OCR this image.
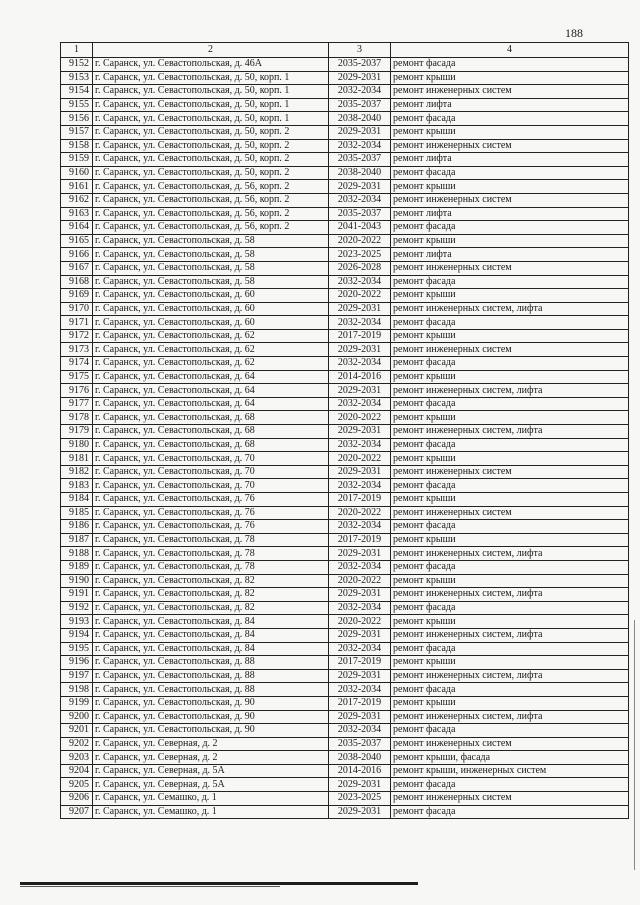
188
1	2	3	4
9152	г. Саранск, ул. Севастопольская, д. 46А	2035-2037	ремонт фасада
9153	г. Саранск, ул. Севастопольская, д. 50, корп. 1	2029-2031	ремонт крыши
9154	г. Саранск, ул. Севастопольская, д. 50, корп. 1	2032-2034	ремонт инженерных систем
9155	г. Саранск, ул. Севастопольская, д. 50, корп. 1	2035-2037	ремонт лифта
9156	г. Саранск, ул. Севастопольская, д. 50, корп. 1	2038-2040	ремонт фасада
9157	г. Саранск, ул. Севастопольская, д. 50, корп. 2	2029-2031	ремонт крыши
9158	г. Саранск, ул. Севастопольская, д. 50, корп. 2	2032-2034	ремонт инженерных систем
9159	г. Саранск, ул. Севастопольская, д. 50, корп. 2	2035-2037	ремонт лифта
9160	г. Саранск, ул. Севастопольская, д. 50, корп. 2	2038-2040	ремонт фасада
9161	г. Саранск, ул. Севастопольская, д. 56, корп. 2	2029-2031	ремонт крыши
9162	г. Саранск, ул. Севастопольская, д. 56, корп. 2	2032-2034	ремонт инженерных систем
9163	г. Саранск, ул. Севастопольская, д. 56, корп. 2	2035-2037	ремонт лифта
9164	г. Саранск, ул. Севастопольская, д. 56, корп. 2	2041-2043	ремонт фасада
9165	г. Саранск, ул. Севастопольская, д. 58	2020-2022	ремонт крыши
9166	г. Саранск, ул. Севастопольская, д. 58	2023-2025	ремонт лифта
9167	г. Саранск, ул. Севастопольская, д. 58	2026-2028	ремонт инженерных систем
9168	г. Саранск, ул. Севастопольская, д. 58	2032-2034	ремонт фасада
9169	г. Саранск, ул. Севастопольская, д. 60	2020-2022	ремонт крыши
9170	г. Саранск, ул. Севастопольская, д. 60	2029-2031	ремонт инженерных систем, лифта
9171	г. Саранск, ул. Севастопольская, д. 60	2032-2034	ремонт фасада
9172	г. Саранск, ул. Севастопольская, д. 62	2017-2019	ремонт крыши
9173	г. Саранск, ул. Севастопольская, д. 62	2029-2031	ремонт инженерных систем
9174	г. Саранск, ул. Севастопольская, д. 62	2032-2034	ремонт фасада
9175	г. Саранск, ул. Севастопольская, д. 64	2014-2016	ремонт крыши
9176	г. Саранск, ул. Севастопольская, д. 64	2029-2031	ремонт инженерных систем, лифта
9177	г. Саранск, ул. Севастопольская, д. 64	2032-2034	ремонт фасада
9178	г. Саранск, ул. Севастопольская, д. 68	2020-2022	ремонт крыши
9179	г. Саранск, ул. Севастопольская, д. 68	2029-2031	ремонт инженерных систем, лифта
9180	г. Саранск, ул. Севастопольская, д. 68	2032-2034	ремонт фасада
9181	г. Саранск, ул. Севастопольская, д. 70	2020-2022	ремонт крыши
9182	г. Саранск, ул. Севастопольская, д. 70	2029-2031	ремонт инженерных систем
9183	г. Саранск, ул. Севастопольская, д. 70	2032-2034	ремонт фасада
9184	г. Саранск, ул. Севастопольская, д. 76	2017-2019	ремонт крыши
9185	г. Саранск, ул. Севастопольская, д. 76	2020-2022	ремонт инженерных систем
9186	г. Саранск, ул. Севастопольская, д. 76	2032-2034	ремонт фасада
9187	г. Саранск, ул. Севастопольская, д. 78	2017-2019	ремонт крыши
9188	г. Саранск, ул. Севастопольская, д. 78	2029-2031	ремонт инженерных систем, лифта
9189	г. Саранск, ул. Севастопольская, д. 78	2032-2034	ремонт фасада
9190	г. Саранск, ул. Севастопольская, д. 82	2020-2022	ремонт крыши
9191	г. Саранск, ул. Севастопольская, д. 82	2029-2031	ремонт инженерных систем, лифта
9192	г. Саранск, ул. Севастопольская, д. 82	2032-2034	ремонт фасада
9193	г. Саранск, ул. Севастопольская, д. 84	2020-2022	ремонт крыши
9194	г. Саранск, ул. Севастопольская, д. 84	2029-2031	ремонт инженерных систем, лифта
9195	г. Саранск, ул. Севастопольская, д. 84	2032-2034	ремонт фасада
9196	г. Саранск, ул. Севастопольская, д. 88	2017-2019	ремонт крыши
9197	г. Саранск, ул. Севастопольская, д. 88	2029-2031	ремонт инженерных систем, лифта
9198	г. Саранск, ул. Севастопольская, д. 88	2032-2034	ремонт фасада
9199	г. Саранск, ул. Севастопольская, д. 90	2017-2019	ремонт крыши
9200	г. Саранск, ул. Севастопольская, д. 90	2029-2031	ремонт инженерных систем, лифта
9201	г. Саранск, ул. Севастопольская, д. 90	2032-2034	ремонт фасада
9202	г. Саранск, ул. Северная, д. 2	2035-2037	ремонт инженерных систем
9203	г. Саранск, ул. Северная, д. 2	2038-2040	ремонт крыши, фасада
9204	г. Саранск, ул. Северная, д. 5А	2014-2016	ремонт крыши, инженерных систем
9205	г. Саранск, ул. Северная, д. 5А	2029-2031	ремонт фасада
9206	г. Саранск, ул. Семашко, д. 1	2023-2025	ремонт инженерных систем
9207	г. Саранск, ул. Семашко, д. 1	2029-2031	ремонт фасада
